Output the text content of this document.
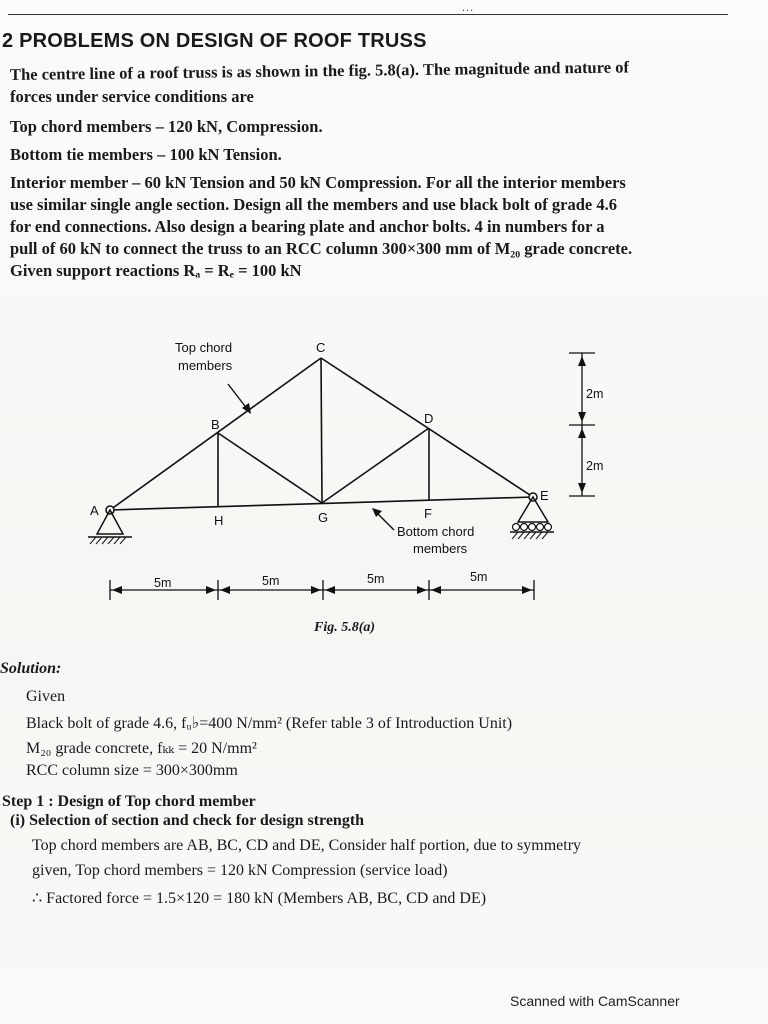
...
2 PROBLEMS ON DESIGN OF ROOF TRUSS
The centre line of a roof truss is as shown in the fig. 5.8(a). The magnitude and nature of
forces under service conditions are
Top chord members – 120 kN, Compression.
Bottom tie members – 100 kN Tension.
Interior member – 60 kN Tension and 50 kN Compression. For all the interior members
use similar single angle section. Design all the members and use black bolt of grade 4.6
for end connections. Also design a bearing plate and anchor bolts. 4 in numbers for a
pull of 60 kN to connect the truss to an RCC column 300×300 mm of M₂₀ grade concrete.
Given support reactions Rₐ = Rₑ = 100 kN
A
B
C
D
E
F
G
H
Top chord
members
Bottom chord
members
2m
2m
5m	5m	5m	5m
Fig. 5.8(a)
Solution:
Given
Black bolt of grade 4.6, fᵤ♭=400 N/mm² (Refer table 3 of Introduction Unit)
M₂₀ grade concrete, fₖₖ = 20 N/mm²
RCC column size = 300×300mm
Step 1 : Design of Top chord member
(i) Selection of section and check for design strength
Top chord members are AB, BC, CD and DE, Consider half portion, due to symmetry
given, Top chord members = 120 kN Compression (service load)
∴ Factored force = 1.5×120 = 180 kN (Members AB, BC, CD and DE)
Scanned with CamScanner
